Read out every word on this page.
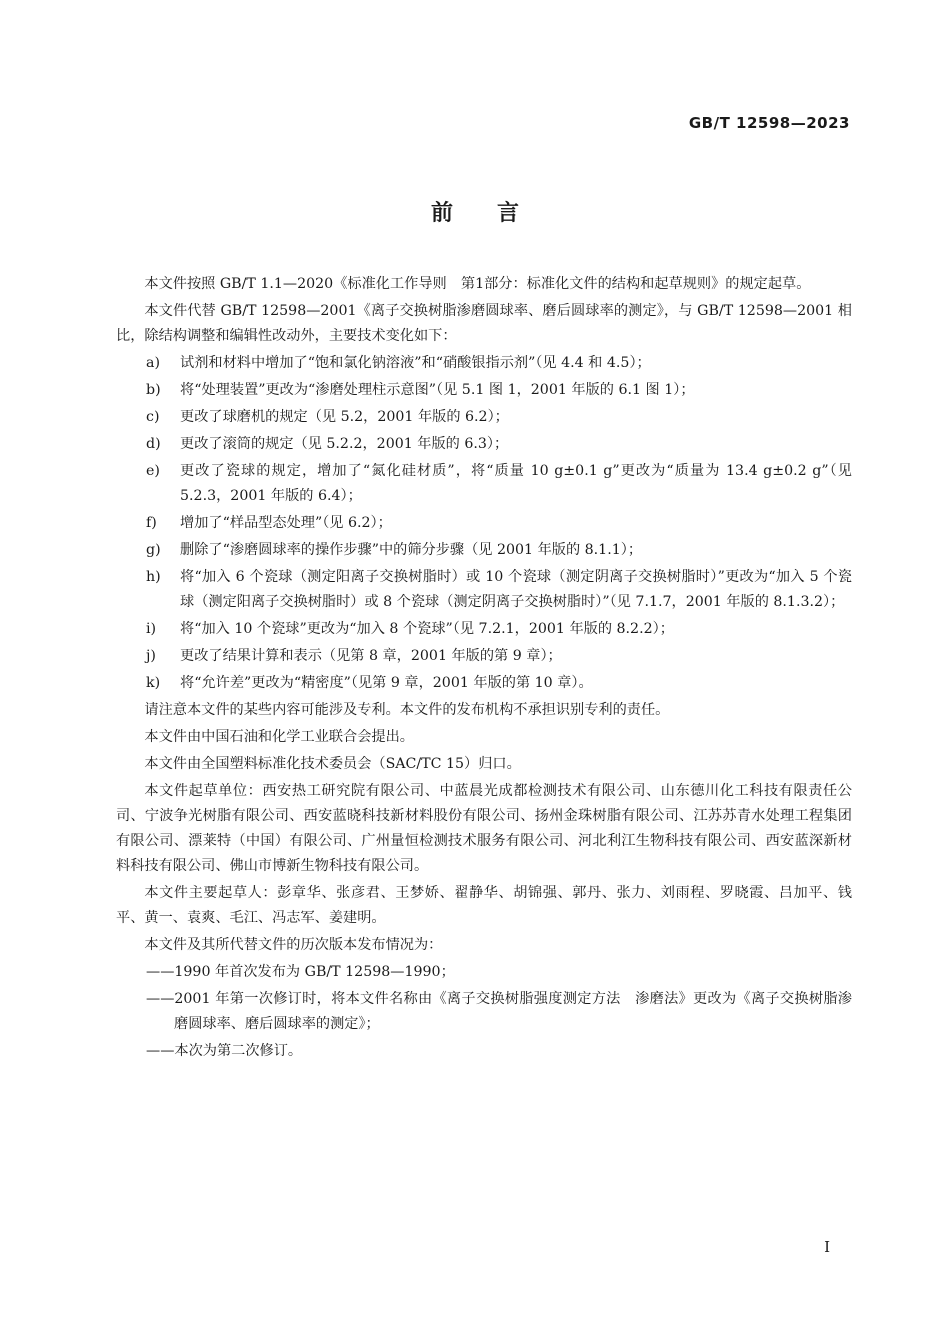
GB/T 12598—2023
前 言

本文件按照 GB/T 1.1—2020《标准化工作导则　第1部分：标准化文件的结构和起草规则》的规定起草。

本文件代替 GB/T 12598—2001《离子交换树脂渗磨圆球率、磨后圆球率的测定》，与 GB/T 12598—2001 相比，除结构调整和编辑性改动外，主要技术变化如下：

a) 试剂和材料中增加了“饱和氯化钠溶液”和“硝酸银指示剂”（见 4.4 和 4.5）；

b) 将“处理装置”更改为“渗磨处理柱示意图”（见 5.1 图 1，2001 年版的 6.1 图 1）；

c) 更改了球磨机的规定（见 5.2，2001 年版的 6.2）；

d) 更改了滚筒的规定（见 5.2.2，2001 年版的 6.3）；

e) 更改了瓷球的规定，增加了“氮化硅材质”，将“质量 10 g±0.1 g”更改为“质量为 13.4 g±0.2 g”（见 5.2.3，2001 年版的 6.4）；

f) 增加了“样品型态处理”（见 6.2）；

g) 删除了“渗磨圆球率的操作步骤”中的筛分步骤（见 2001 年版的 8.1.1）；

h) 将“加入 6 个瓷球（测定阳离子交换树脂时）或 10 个瓷球（测定阴离子交换树脂时）”更改为“加入 5 个瓷球（测定阳离子交换树脂时）或 8 个瓷球（测定阴离子交换树脂时）”（见 7.1.7，2001 年版的 8.1.3.2）；

i) 将“加入 10 个瓷球”更改为“加入 8 个瓷球”（见 7.2.1，2001 年版的 8.2.2）；

j) 更改了结果计算和表示（见第 8 章，2001 年版的第 9 章）；

k) 将“允许差”更改为“精密度”（见第 9 章，2001 年版的第 10 章）。

请注意本文件的某些内容可能涉及专利。本文件的发布机构不承担识别专利的责任。

本文件由中国石油和化学工业联合会提出。

本文件由全国塑料标准化技术委员会（SAC/TC 15）归口。

本文件起草单位：西安热工研究院有限公司、中蓝晨光成都检测技术有限公司、山东德川化工科技有限责任公司、宁波争光树脂有限公司、西安蓝晓科技新材料股份有限公司、扬州金珠树脂有限公司、江苏苏青水处理工程集团有限公司、漂莱特（中国）有限公司、广州量恒检测技术服务有限公司、河北利江生物科技有限公司、西安蓝深新材料科技有限公司、佛山市博新生物科技有限公司。

本文件主要起草人：彭章华、张彦君、王梦娇、翟静华、胡锦强、郭丹、张力、刘雨程、罗晓霞、吕加平、钱平、黄一、袁爽、毛江、冯志军、姜建明。

本文件及其所代替文件的历次版本发布情况为：

——1990 年首次发布为 GB/T 12598—1990；

——2001 年第一次修订时，将本文件名称由《离子交换树脂强度测定方法　渗磨法》更改为《离子交换树脂渗磨圆球率、磨后圆球率的测定》；

——本次为第二次修订。

I
